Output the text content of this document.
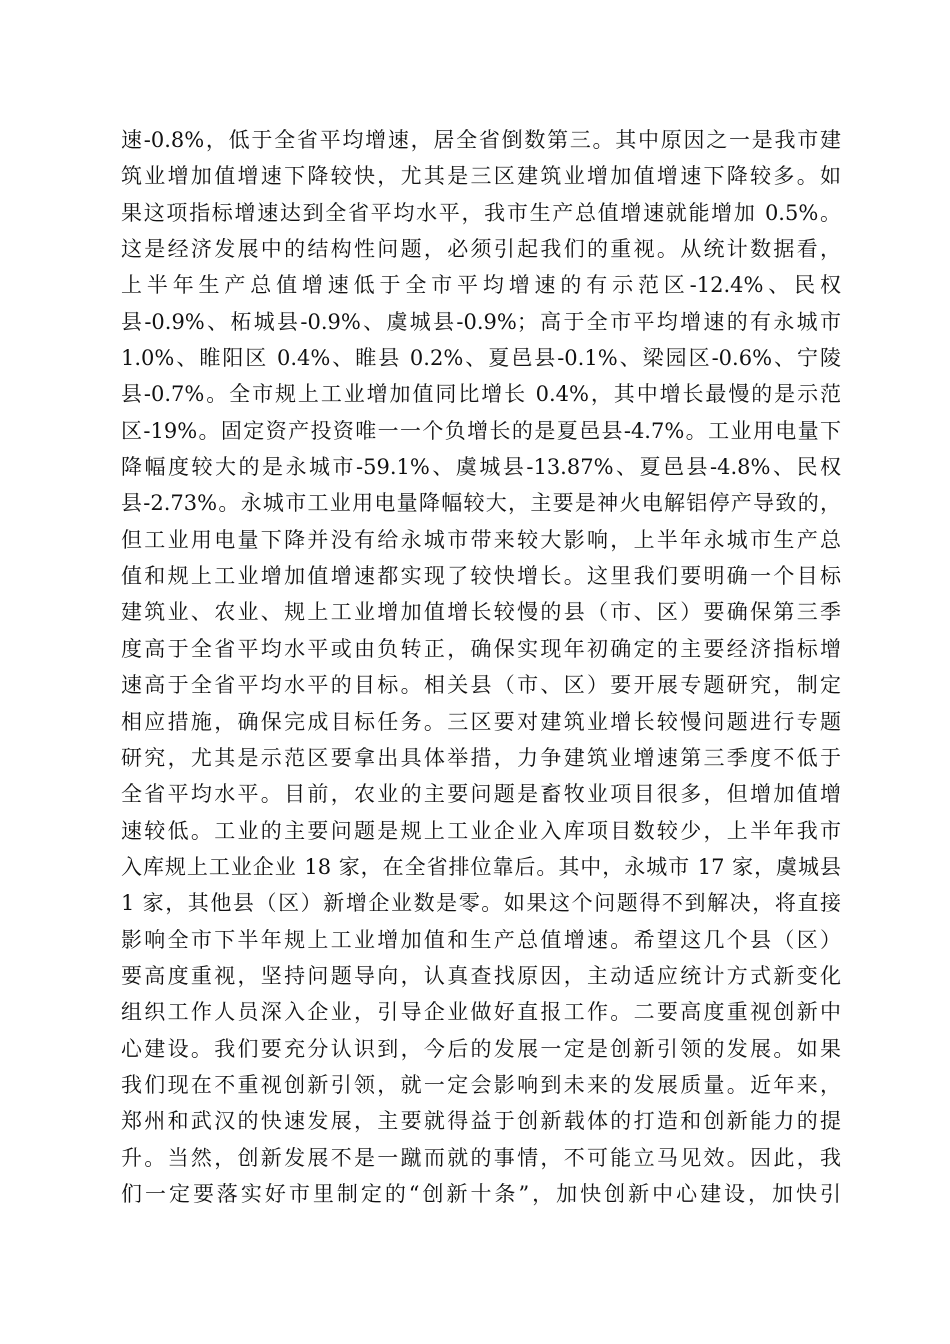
速-0.8%，低于全省平均增速，居全省倒数第三。其中原因之一是我市建
筑业增加值增速下降较快，尤其是三区建筑业增加值增速下降较多。如
果这项指标增速达到全省平均水平，我市生产总值增速就能增加 0.5%。
这是经济发展中的结构性问题，必须引起我们的重视。从统计数据看，
上半年生产总值增速低于全市平均增速的有示范区-12.4%、民权
县-0.9%、柘城县-0.9%、虞城县-0.9%；高于全市平均增速的有永城市
1.0%、睢阳区 0.4%、睢县 0.2%、夏邑县-0.1%、梁园区-0.6%、宁陵
县-0.7%。全市规上工业增加值同比增长 0.4%，其中增长最慢的是示范
区-19%。固定资产投资唯一一个负增长的是夏邑县-4.7%。工业用电量下
降幅度较大的是永城市-59.1%、虞城县-13.87%、夏邑县-4.8%、民权
县-2.73%。永城市工业用电量降幅较大，主要是神火电解铝停产导致的，
但工业用电量下降并没有给永城市带来较大影响，上半年永城市生产总
值和规上工业增加值增速都实现了较快增长。这里我们要明确一个目标
建筑业、农业、规上工业增加值增长较慢的县（市、区）要确保第三季
度高于全省平均水平或由负转正，确保实现年初确定的主要经济指标增
速高于全省平均水平的目标。相关县（市、区）要开展专题研究，制定
相应措施，确保完成目标任务。三区要对建筑业增长较慢问题进行专题
研究，尤其是示范区要拿出具体举措，力争建筑业增速第三季度不低于
全省平均水平。目前，农业的主要问题是畜牧业项目很多，但增加值增
速较低。工业的主要问题是规上工业企业入库项目数较少，上半年我市
入库规上工业企业 18 家，在全省排位靠后。其中，永城市 17 家，虞城县
1 家，其他县（区）新增企业数是零。如果这个问题得不到解决，将直接
影响全市下半年规上工业增加值和生产总值增速。希望这几个县（区）
要高度重视，坚持问题导向，认真查找原因，主动适应统计方式新变化
组织工作人员深入企业，引导企业做好直报工作。二要高度重视创新中
心建设。我们要充分认识到，今后的发展一定是创新引领的发展。如果
我们现在不重视创新引领，就一定会影响到未来的发展质量。近年来，
郑州和武汉的快速发展，主要就得益于创新载体的打造和创新能力的提
升。当然，创新发展不是一蹴而就的事情，不可能立马见效。因此，我
们一定要落实好市里制定的“创新十条”，加快创新中心建设，加快引
